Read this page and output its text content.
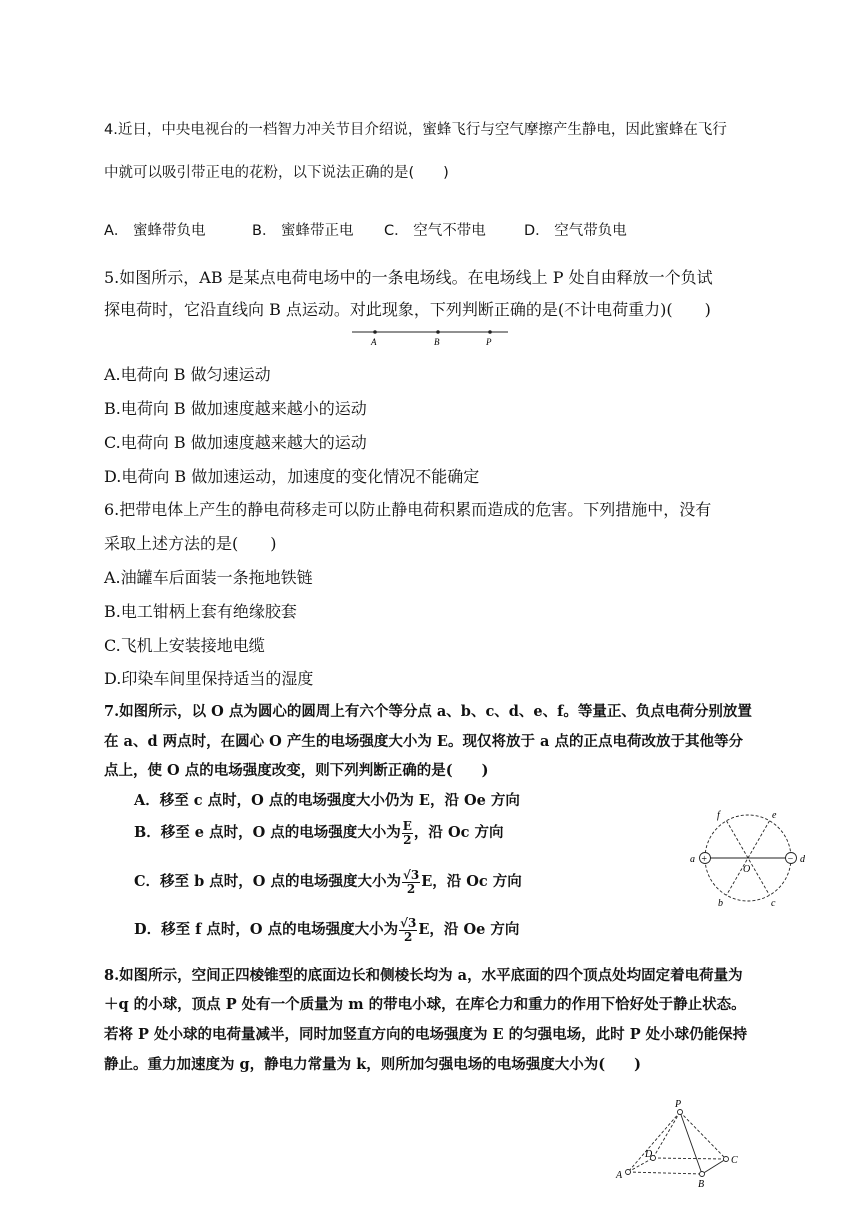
4.近日，中央电视台的一档智力冲关节目介绍说，蜜蜂飞行与空气摩擦产生静电，因此蜜蜂在飞行
中就可以吸引带正电的花粉，以下说法正确的是(　　)
A． 蜜蜂带负电	B． 蜜蜂带正电 C． 空气不带电	D． 空气带负电
5.如图所示，AB 是某点电荷电场中的一条电场线。在电场线上 P 处自由释放一个负试
探电荷时，它沿直线向 B 点运动。对此现象，下列判断正确的是(不计电荷重力)(　　)
A	B	P
A.电荷向 B 做匀速运动
B.电荷向 B 做加速度越来越小的运动
C.电荷向 B 做加速度越来越大的运动
D.电荷向 B 做加速运动，加速度的变化情况不能确定
6.把带电体上产生的静电荷移走可以防止静电荷积累而造成的危害。下列措施中，没有
采取上述方法的是(　　)
A.油罐车后面装一条拖地铁链
B.电工钳柄上套有绝缘胶套
C.飞机上安装接地电缆
D.印染车间里保持适当的湿度
7.如图所示，以 O 点为圆心的圆周上有六个等分点 a、b、c、d、e、f。等量正、负点电荷分别放置
在 a、d 两点时，在圆心 O 产生的电场强度大小为 E。现仅将放于 a 点的正点电荷改放于其他等分
点上，使 O 点的电场强度改变，则下列判断正确的是(　　)
A．移至 c 点时，O 点的电场强度大小仍为 E，沿 Oe 方向
B．移至 e 点时，O 点的电场强度大小为 $\frac{E}{2}$ ，沿 Oc 方向
C．移至 b 点时，O 点的电场强度大小为 $\frac{√3}{2}$ E，沿 Oc 方向
D．移至 f 点时，O 点的电场强度大小为 $\frac{√3}{2}$ E，沿 Oe 方向
+	−
a	d
f	e
b	c
O
8.如图所示，空间正四棱锥型的底面边长和侧棱长均为 a，水平底面的四个顶点处均固定着电荷量为
＋q 的小球，顶点 P 处有一个质量为 m 的带电小球，在库仑力和重力的作用下恰好处于静止状态。
若将 P 处小球的电荷量减半，同时加竖直方向的电场强度为 E 的匀强电场，此时 P 处小球仍能保持
静止。重力加速度为 g，静电力常量为 k，则所加匀强电场的电场强度大小为(　　)
P
A
D
B
C
